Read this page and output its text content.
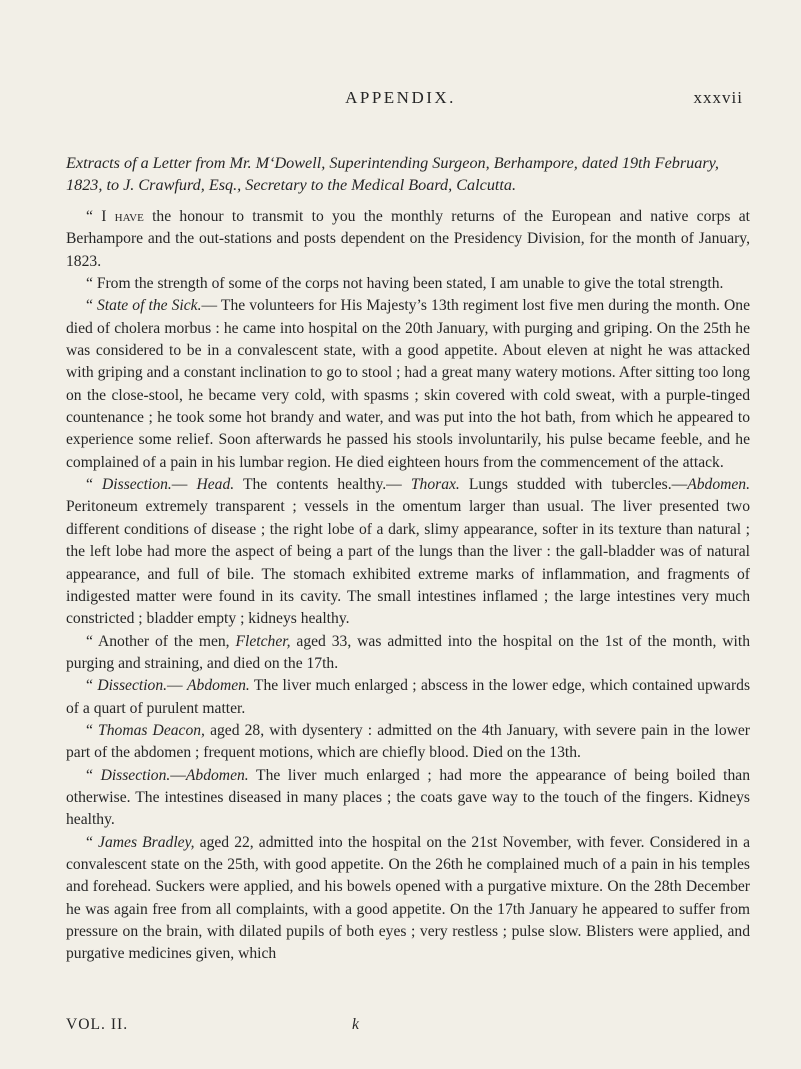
APPENDIX.	xxxvii
Extracts of a Letter from Mr. M‘Dowell, Superintending Surgeon, Berhampore, dated 19th February, 1823, to J. Crawfurd, Esq., Secretary to the Medical Board, Calcutta.

“ I have the honour to transmit to you the monthly returns of the European and native corps at Berhampore and the out-stations and posts dependent on the Presidency Division, for the month of January, 1823.

“ From the strength of some of the corps not having been stated, I am unable to give the total strength.

“ State of the Sick.— The volunteers for His Majesty’s 13th regiment lost five men during the month. One died of cholera morbus : he came into hospital on the 20th January, with purging and griping. On the 25th he was considered to be in a convalescent state, with a good appetite. About eleven at night he was attacked with griping and a constant inclination to go to stool ; had a great many watery motions. After sitting too long on the close-stool, he became very cold, with spasms ; skin covered with cold sweat, with a purple-tinged countenance ; he took some hot brandy and water, and was put into the hot bath, from which he appeared to experience some relief. Soon afterwards he passed his stools involuntarily, his pulse became feeble, and he complained of a pain in his lumbar region. He died eighteen hours from the commencement of the attack.

“ Dissection.— Head. The contents healthy.— Thorax. Lungs studded with tubercles.—Abdomen. Peritoneum extremely transparent ; vessels in the omentum larger than usual. The liver presented two different conditions of disease ; the right lobe of a dark, slimy appearance, softer in its texture than natural ; the left lobe had more the aspect of being a part of the lungs than the liver : the gall-bladder was of natural appearance, and full of bile. The stomach exhibited extreme marks of inflammation, and fragments of indigested matter were found in its cavity. The small intestines inflamed ; the large intestines very much constricted ; bladder empty ; kidneys healthy.

“ Another of the men, Fletcher, aged 33, was admitted into the hospital on the 1st of the month, with purging and straining, and died on the 17th.

“ Dissection.— Abdomen. The liver much enlarged ; abscess in the lower edge, which contained upwards of a quart of purulent matter.

“ Thomas Deacon, aged 28, with dysentery : admitted on the 4th January, with severe pain in the lower part of the abdomen ; frequent motions, which are chiefly blood. Died on the 13th.

“ Dissection.—Abdomen. The liver much enlarged ; had more the appearance of being boiled than otherwise. The intestines diseased in many places ; the coats gave way to the touch of the fingers. Kidneys healthy.

“ James Bradley, aged 22, admitted into the hospital on the 21st November, with fever. Considered in a convalescent state on the 25th, with good appetite. On the 26th he complained much of a pain in his temples and forehead. Suckers were applied, and his bowels opened with a purgative mixture. On the 28th December he was again free from all complaints, with a good appetite. On the 17th January he appeared to suffer from pressure on the brain, with dilated pupils of both eyes ; very restless ; pulse slow. Blisters were applied, and purgative medicines given, which

VOL. II.	k
